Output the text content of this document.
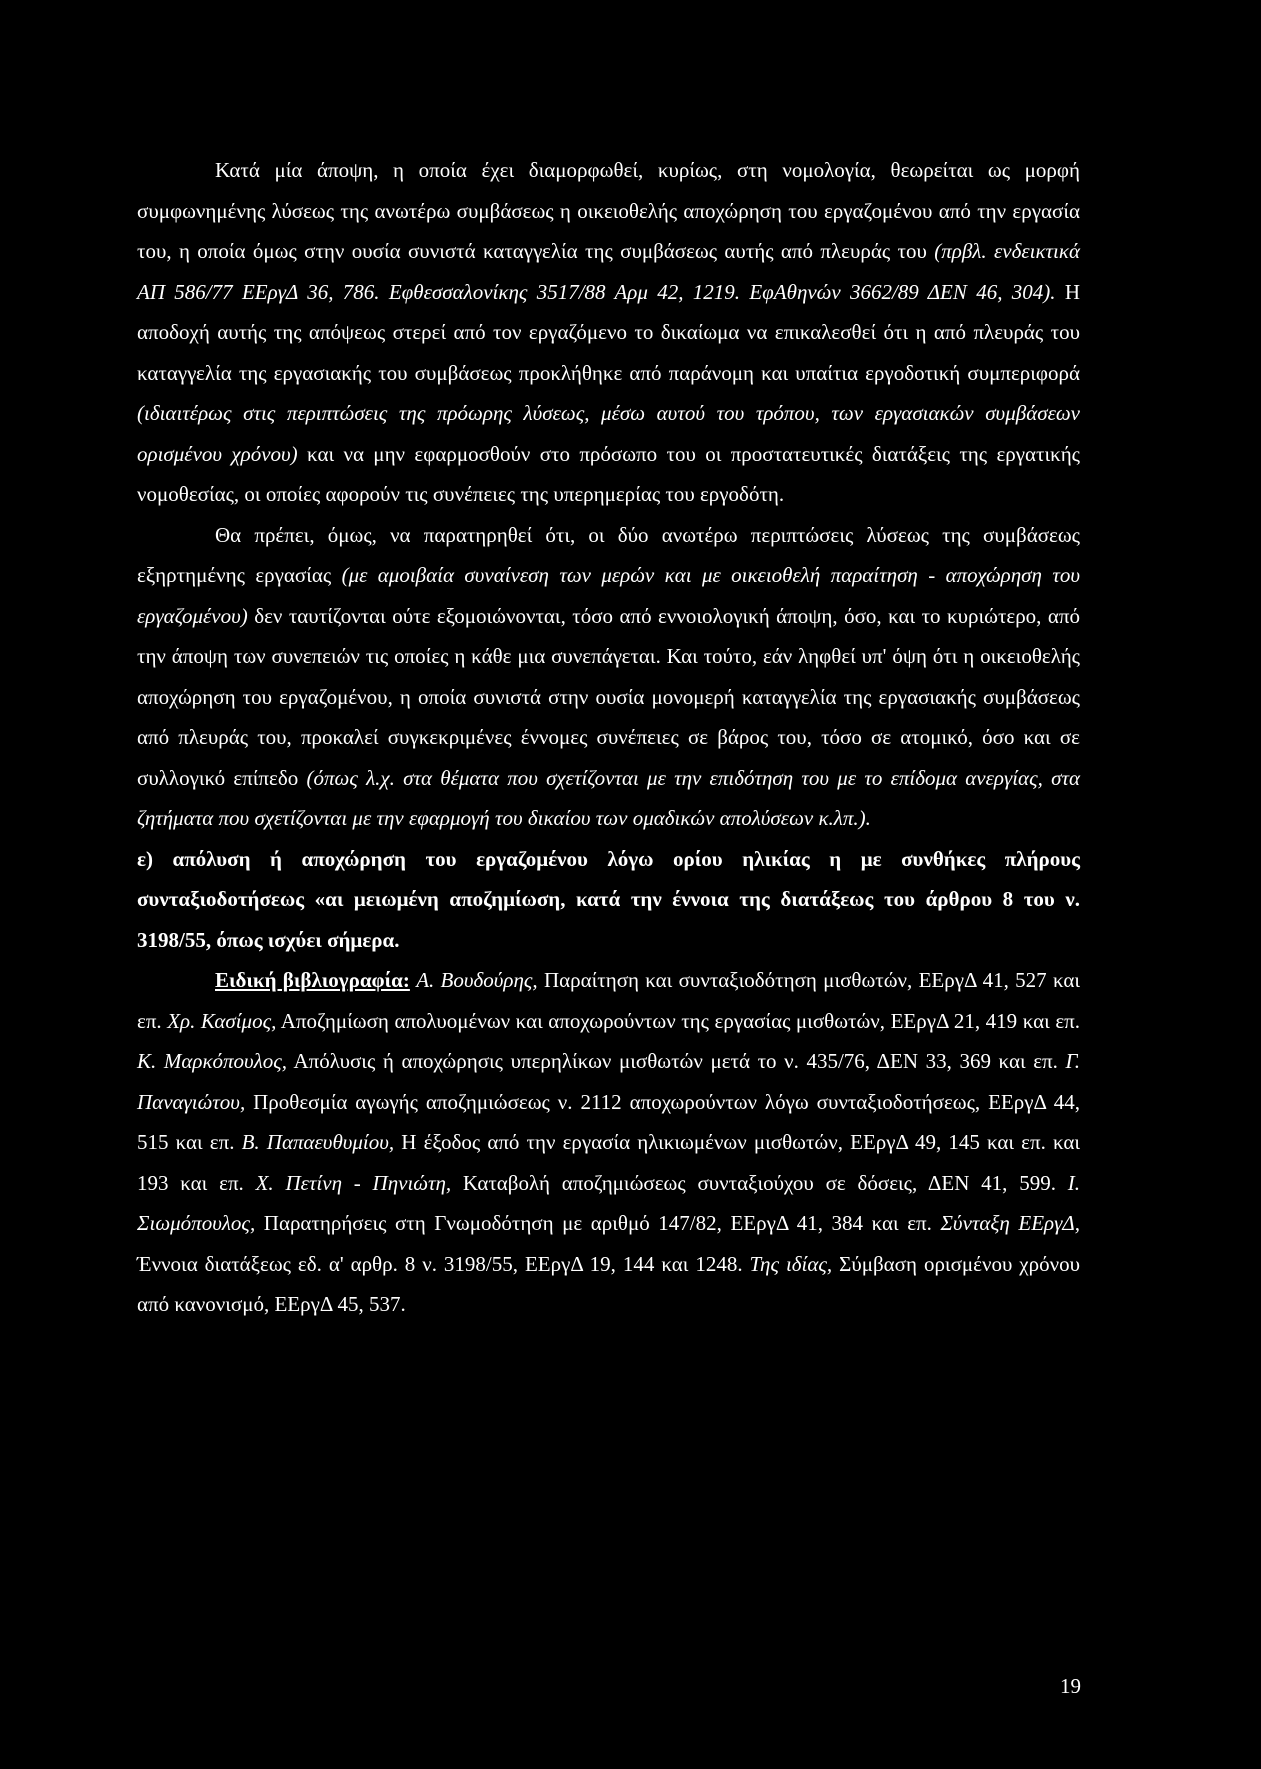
Κατά μία άποψη, η οποία έχει διαμορφωθεί, κυρίως, στη νομολογία, θεωρείται ως μορφή συμφωνημένης λύσεως της ανωτέρω συμβάσεως η οικειοθελής αποχώρηση του εργαζομένου από την εργασία του, η οποία όμως στην ουσία συνιστά καταγγελία της συμβάσεως αυτής από πλευράς του (πρβλ. ενδεικτικά ΑΠ 586/77 ΕΕργΔ 36, 786. Εφθεσσαλονίκης 3517/88 Αρμ 42, 1219. ΕφΑθηνών 3662/89 ΔΕΝ 46, 304). Η αποδοχή αυτής της απόψεως στερεί από τον εργαζόμενο το δικαίωμα να επικαλεσθεί ότι η από πλευράς του καταγγελία της εργασιακής του συμβάσεως προκλήθηκε από παράνομη και υπαίτια εργοδοτική συμπεριφορά (ιδιαιτέρως στις περιπτώσεις της πρόωρης λύσεως, μέσω αυτού του τρόπου, των εργασιακών συμβάσεων ορισμένου χρόνου) και να μην εφαρμοσθούν στο πρόσωπο του οι προστατευτικές διατάξεις της εργατικής νομοθεσίας, οι οποίες αφορούν τις συνέπειες της υπερημερίας του εργοδότη.

Θα πρέπει, όμως, να παρατηρηθεί ότι, οι δύο ανωτέρω περιπτώσεις λύσεως της συμβάσεως εξηρτημένης εργασίας (με αμοιβαία συναίνεση των μερών και με οικειοθελή παραίτηση - αποχώρηση του εργαζομένου) δεν ταυτίζονται ούτε εξομοιώνονται, τόσο από εννοιολογική άποψη, όσο, και το κυριώτερο, από την άποψη των συνεπειών τις οποίες η κάθε μια συνεπάγεται. Και τούτο, εάν ληφθεί υπ' όψη ότι η οικειοθελής αποχώρηση του εργαζομένου, η οποία συνιστά στην ουσία μονομερή καταγγελία της εργασιακής συμβάσεως από πλευράς του, προκαλεί συγκεκριμένες έννομες συνέπειες σε βάρος του, τόσο σε ατομικό, όσο και σε συλλογικό επίπεδο (όπως λ.χ. στα θέματα που σχετίζονται με την επιδότηση του με το επίδομα ανεργίας, στα ζητήματα που σχετίζονται με την εφαρμογή του δικαίου των ομαδικών απολύσεων κ.λπ.).

ε) απόλυση ή αποχώρηση του εργαζομένου λόγω ορίου ηλικίας η με συνθήκες πλήρους συνταξιοδοτήσεως «αι μειωμένη αποζημίωση, κατά την έννοια της διατάξεως του άρθρου 8 του ν. 3198/55, όπως ισχύει σήμερα.

Ειδική βιβλιογραφία: Α. Βουδούρης, Παραίτηση και συνταξιοδότηση μισθωτών, ΕΕργΔ 41, 527 και επ. Χρ. Κασίμος, Αποζημίωση απολυομένων και αποχωρούντων της εργασίας μισθωτών, ΕΕργΔ 21, 419 και επ. Κ. Μαρκόπουλος, Απόλυσις ή αποχώρησις υπερηλίκων μισθωτών μετά το ν. 435/76, ΔΕΝ 33, 369 και επ. Γ. Παναγιώτου, Προθεσμία αγωγής αποζημιώσεως ν. 2112 αποχωρούντων λόγω συνταξιοδοτήσεως, ΕΕργΔ 44, 515 και επ. Β. Παπαευθυμίου, Η έξοδος από την εργασία ηλικιωμένων μισθωτών, ΕΕργΔ 49, 145 και επ. και 193 και επ. Χ. Πετίνη - Πηνιώτη, Καταβολή αποζημιώσεως συνταξιούχου σε δόσεις, ΔΕΝ 41, 599. Ι. Σιωμόπουλος, Παρατηρήσεις στη Γνωμοδότηση με αριθμό 147/82, ΕΕργΔ 41, 384 και επ. Σύνταξη ΕΕργΔ, Έννοια διατάξεως εδ. α' αρθρ. 8 ν. 3198/55, ΕΕργΔ 19, 144 και 1248. Της ιδίας, Σύμβαση ορισμένου χρόνου από κανονισμό, ΕΕργΔ 45, 537.

19
